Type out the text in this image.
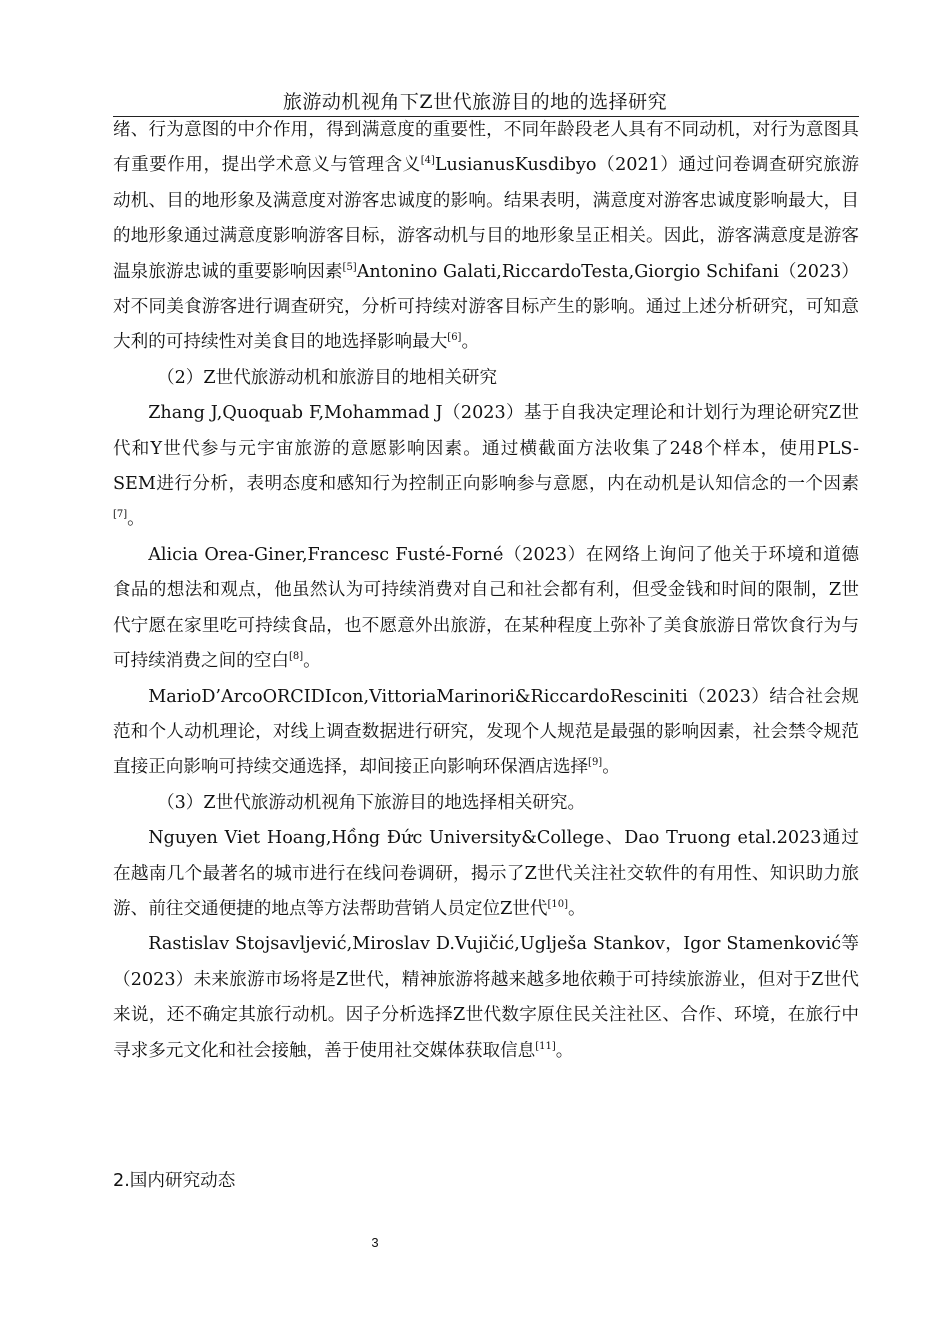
旅游动机视角下Z世代旅游目的地的选择研究

绪、行为意图的中介作用，得到满意度的重要性，不同年龄段老人具有不同动机，对行为意图具有重要作用，提出学术意义与管理含义[4]LusianusKusdibyo（2021）通过问卷调查研究旅游动机、目的地形象及满意度对游客忠诚度的影响。结果表明，满意度对游客忠诚度影响最大，目的地形象通过满意度影响游客目标，游客动机与目的地形象呈正相关。因此，游客满意度是游客温泉旅游忠诚的重要影响因素[5]Antonino Galati,RiccardoTesta,Giorgio Schifani（2023）对不同美食游客进行调查研究，分析可持续对游客目标产生的影响。通过上述分析研究，可知意大利的可持续性对美食目的地选择影响最大[6]。

（2）Z世代旅游动机和旅游目的地相关研究

Zhang J,Quoquab F,Mohammad J（2023）基于自我决定理论和计划行为理论研究Z世代和Y世代参与元宇宙旅游的意愿影响因素。通过横截面方法收集了248个样本，使用PLS-SEM进行分析，表明态度和感知行为控制正向影响参与意愿，内在动机是认知信念的一个因素[7]。

Alicia Orea-Giner,Francesc Fusté-Forné（2023）在网络上询问了他关于环境和道德食品的想法和观点，他虽然认为可持续消费对自己和社会都有利，但受金钱和时间的限制，Z世代宁愿在家里吃可持续食品，也不愿意外出旅游，在某种程度上弥补了美食旅游日常饮食行为与可持续消费之间的空白[8]。

MarioD’ArcoORCIDIcon,VittoriaMarinori&RiccardoResciniti（2023）结合社会规范和个人动机理论，对线上调查数据进行研究，发现个人规范是最强的影响因素，社会禁令规范直接正向影响可持续交通选择，却间接正向影响环保酒店选择[9]。

（3）Z世代旅游动机视角下旅游目的地选择相关研究。

Nguyen Viet Hoang,Hồng Đức University&College、Dao Truong etal.2023通过在越南几个最著名的城市进行在线问卷调研，揭示了Z世代关注社交软件的有用性、知识助力旅游、前往交通便捷的地点等方法帮助营销人员定位Z世代[10]。

Rastislav Stojsavljević,Miroslav D.Vujičić,Uglješa Stankov，Igor Stamenković等（2023）未来旅游市场将是Z世代，精神旅游将越来越多地依赖于可持续旅游业，但对于Z世代来说，还不确定其旅行动机。因子分析选择Z世代数字原住民关注社区、合作、环境，在旅行中寻求多元文化和社会接触，善于使用社交媒体获取信息[11]。

2.国内研究动态
3
